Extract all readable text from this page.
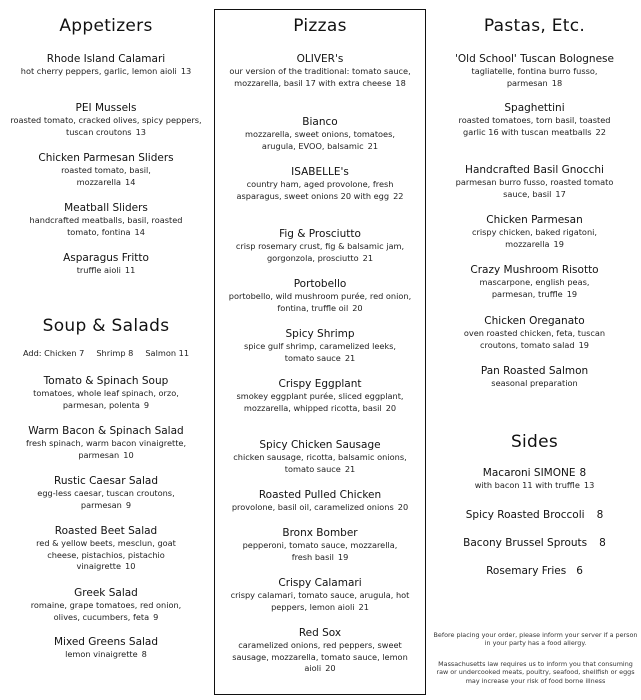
Appetizers
Rhode Island Calamari
hot cherry peppers, garlic, lemon aioli 13
PEI Mussels
roasted tomato, cracked olives, spicy peppers, tuscan croutons 13
Chicken Parmesan Sliders
roasted tomato, basil, mozzarella 14
Meatball Sliders
handcrafted meatballs, basil, roasted tomato, fontina 14
Asparagus Fritto
truffle aioli 11
Soup & Salads
Add: Chicken 7 Shrimp 8 Salmon 11
Tomato & Spinach Soup
tomatoes, whole leaf spinach, orzo, parmesan, polenta 9
Warm Bacon & Spinach Salad
fresh spinach, warm bacon vinaigrette, parmesan 10
Rustic Caesar Salad
egg-less caesar, tuscan croutons, parmesan 9
Roasted Beet Salad
red & yellow beets, mesclun, goat cheese, pistachios, pistachio vinaigrette 10
Greek Salad
romaine, grape tomatoes, red onion, olives, cucumbers, feta 9
Mixed Greens Salad
lemon vinaigrette 8
Pizzas
OLIVER's
our version of the traditional: tomato sauce, mozzarella, basil 17 with extra cheese 18
Bianco
mozzarella, sweet onions, tomatoes, arugula, EVOO, balsamic 21
ISABELLE's
country ham, aged provolone, fresh asparagus, sweet onions 20 with egg 22
Fig & Prosciutto
crisp rosemary crust, fig & balsamic jam, gorgonzola, prosciutto 21
Portobello
portobello, wild mushroom purée, red onion, fontina, truffle oil 20
Spicy Shrimp
spice gulf shrimp, caramelized leeks, tomato sauce 21
Crispy Eggplant
smokey eggplant purée, sliced eggplant, mozzarella, whipped ricotta, basil 20
Spicy Chicken Sausage
chicken sausage, ricotta, balsamic onions, tomato sauce 21
Roasted Pulled Chicken
provolone, basil oil, caramelized onions 20
Bronx Bomber
pepperoni, tomato sauce, mozzarella, fresh basil 19
Crispy Calamari
crispy calamari, tomato sauce, arugula, hot peppers, lemon aioli 21
Red Sox
caramelized onions, red peppers, sweet sausage, mozzarella, tomato sauce, lemon aioli 20
Pastas, Etc.
'Old School' Tuscan Bolognese
tagliatelle, fontina burro fusso, parmesan 18
Spaghettini
roasted tomatoes, torn basil, toasted garlic 16 with tuscan meatballs 22
Handcrafted Basil Gnocchi
parmesan burro fusso, roasted tomato sauce, basil 17
Chicken Parmesan
crispy chicken, baked rigatoni, mozzarella 19
Crazy Mushroom Risotto
mascarpone, english peas, parmesan, truffle 19
Chicken Oreganato
oven roasted chicken, feta, tuscan croutons, tomato salad 19
Pan Roasted Salmon
seasonal preparation
Sides
Macaroni SIMONE 8
with bacon 11 with truffle 13
Spicy Roasted Broccoli 8
Bacony Brussel Sprouts 8
Rosemary Fries 6
Before placing your order, please inform your server if a person in your party has a food allergy.
Massachusetts law requires us to inform you that consuming raw or undercooked meats, poultry, seafood, shellfish or eggs may increase your risk of food borne illness
